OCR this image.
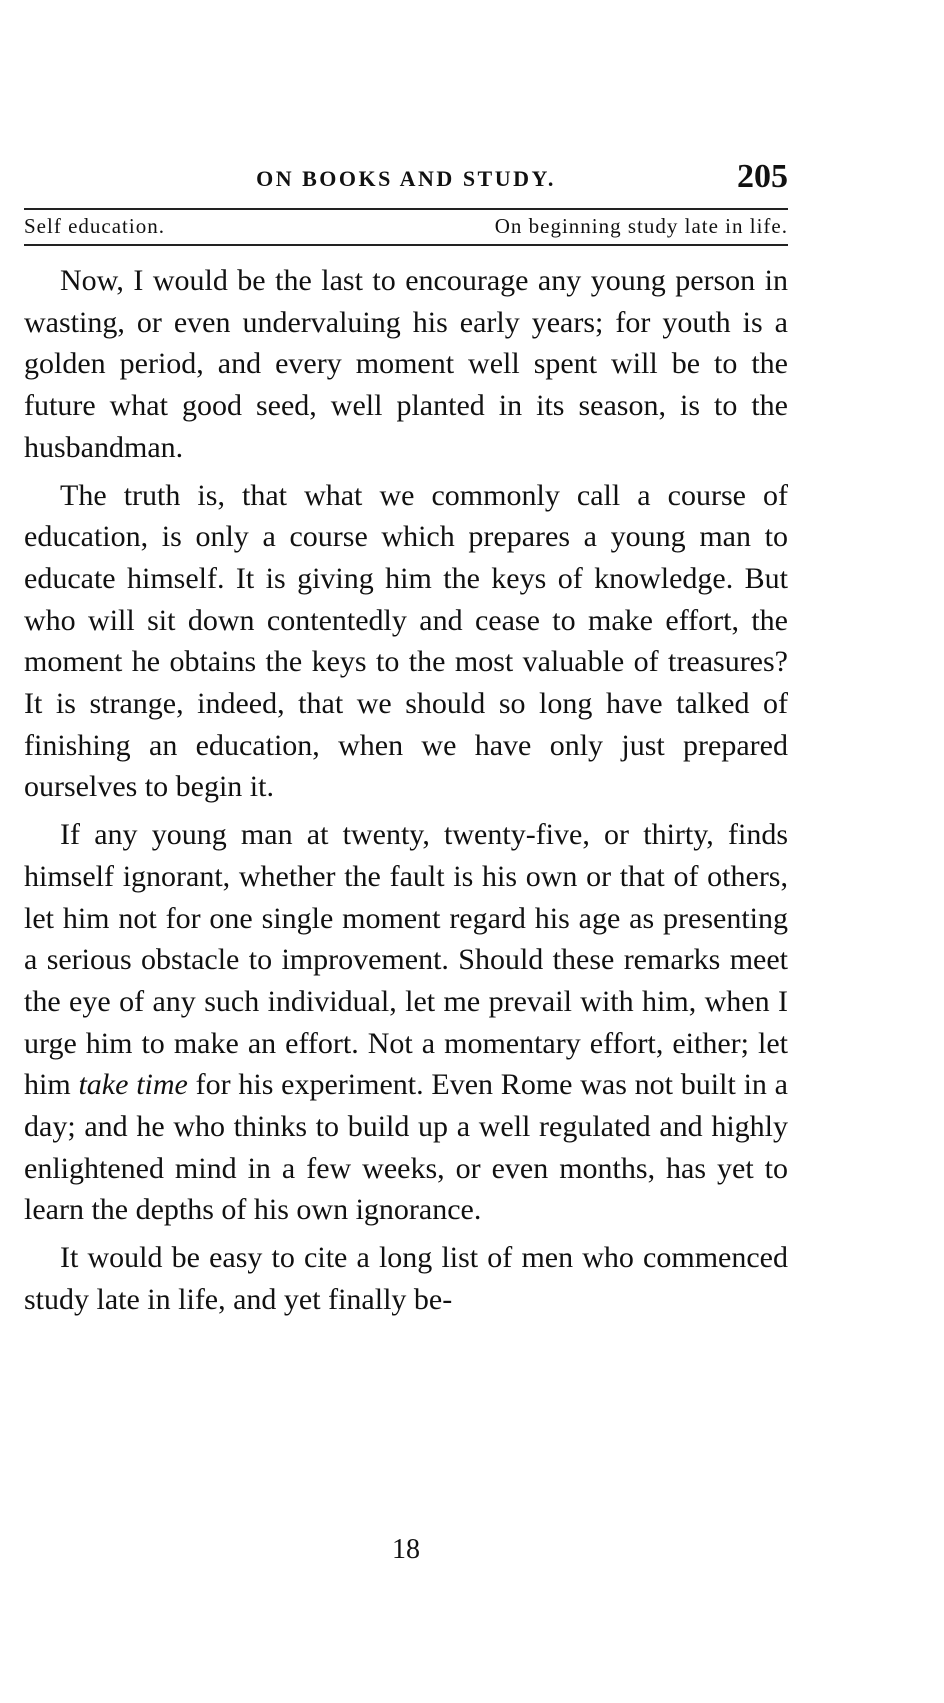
ON BOOKS AND STUDY.	205
Self education.	On beginning study late in life.

Now, I would be the last to encourage any young person in wasting, or even undervaluing his early years; for youth is a golden period, and every moment well spent will be to the future what good seed, well planted in its season, is to the husbandman.

The truth is, that what we commonly call a course of education, is only a course which prepares a young man to educate himself. It is giving him the keys of knowledge. But who will sit down contentedly and cease to make effort, the moment he obtains the keys to the most valuable of treasures? It is strange, indeed, that we should so long have talked of finishing an education, when we have only just prepared ourselves to begin it.

If any young man at twenty, twenty-five, or thirty, finds himself ignorant, whether the fault is his own or that of others, let him not for one single moment regard his age as presenting a serious obstacle to improvement. Should these remarks meet the eye of any such individual, let me prevail with him, when I urge him to make an effort. Not a momentary effort, either; let him take time for his experiment. Even Rome was not built in a day; and he who thinks to build up a well regulated and highly enlightened mind in a few weeks, or even months, has yet to learn the depths of his own ignorance.

It would be easy to cite a long list of men who commenced study late in life, and yet finally be-

18
